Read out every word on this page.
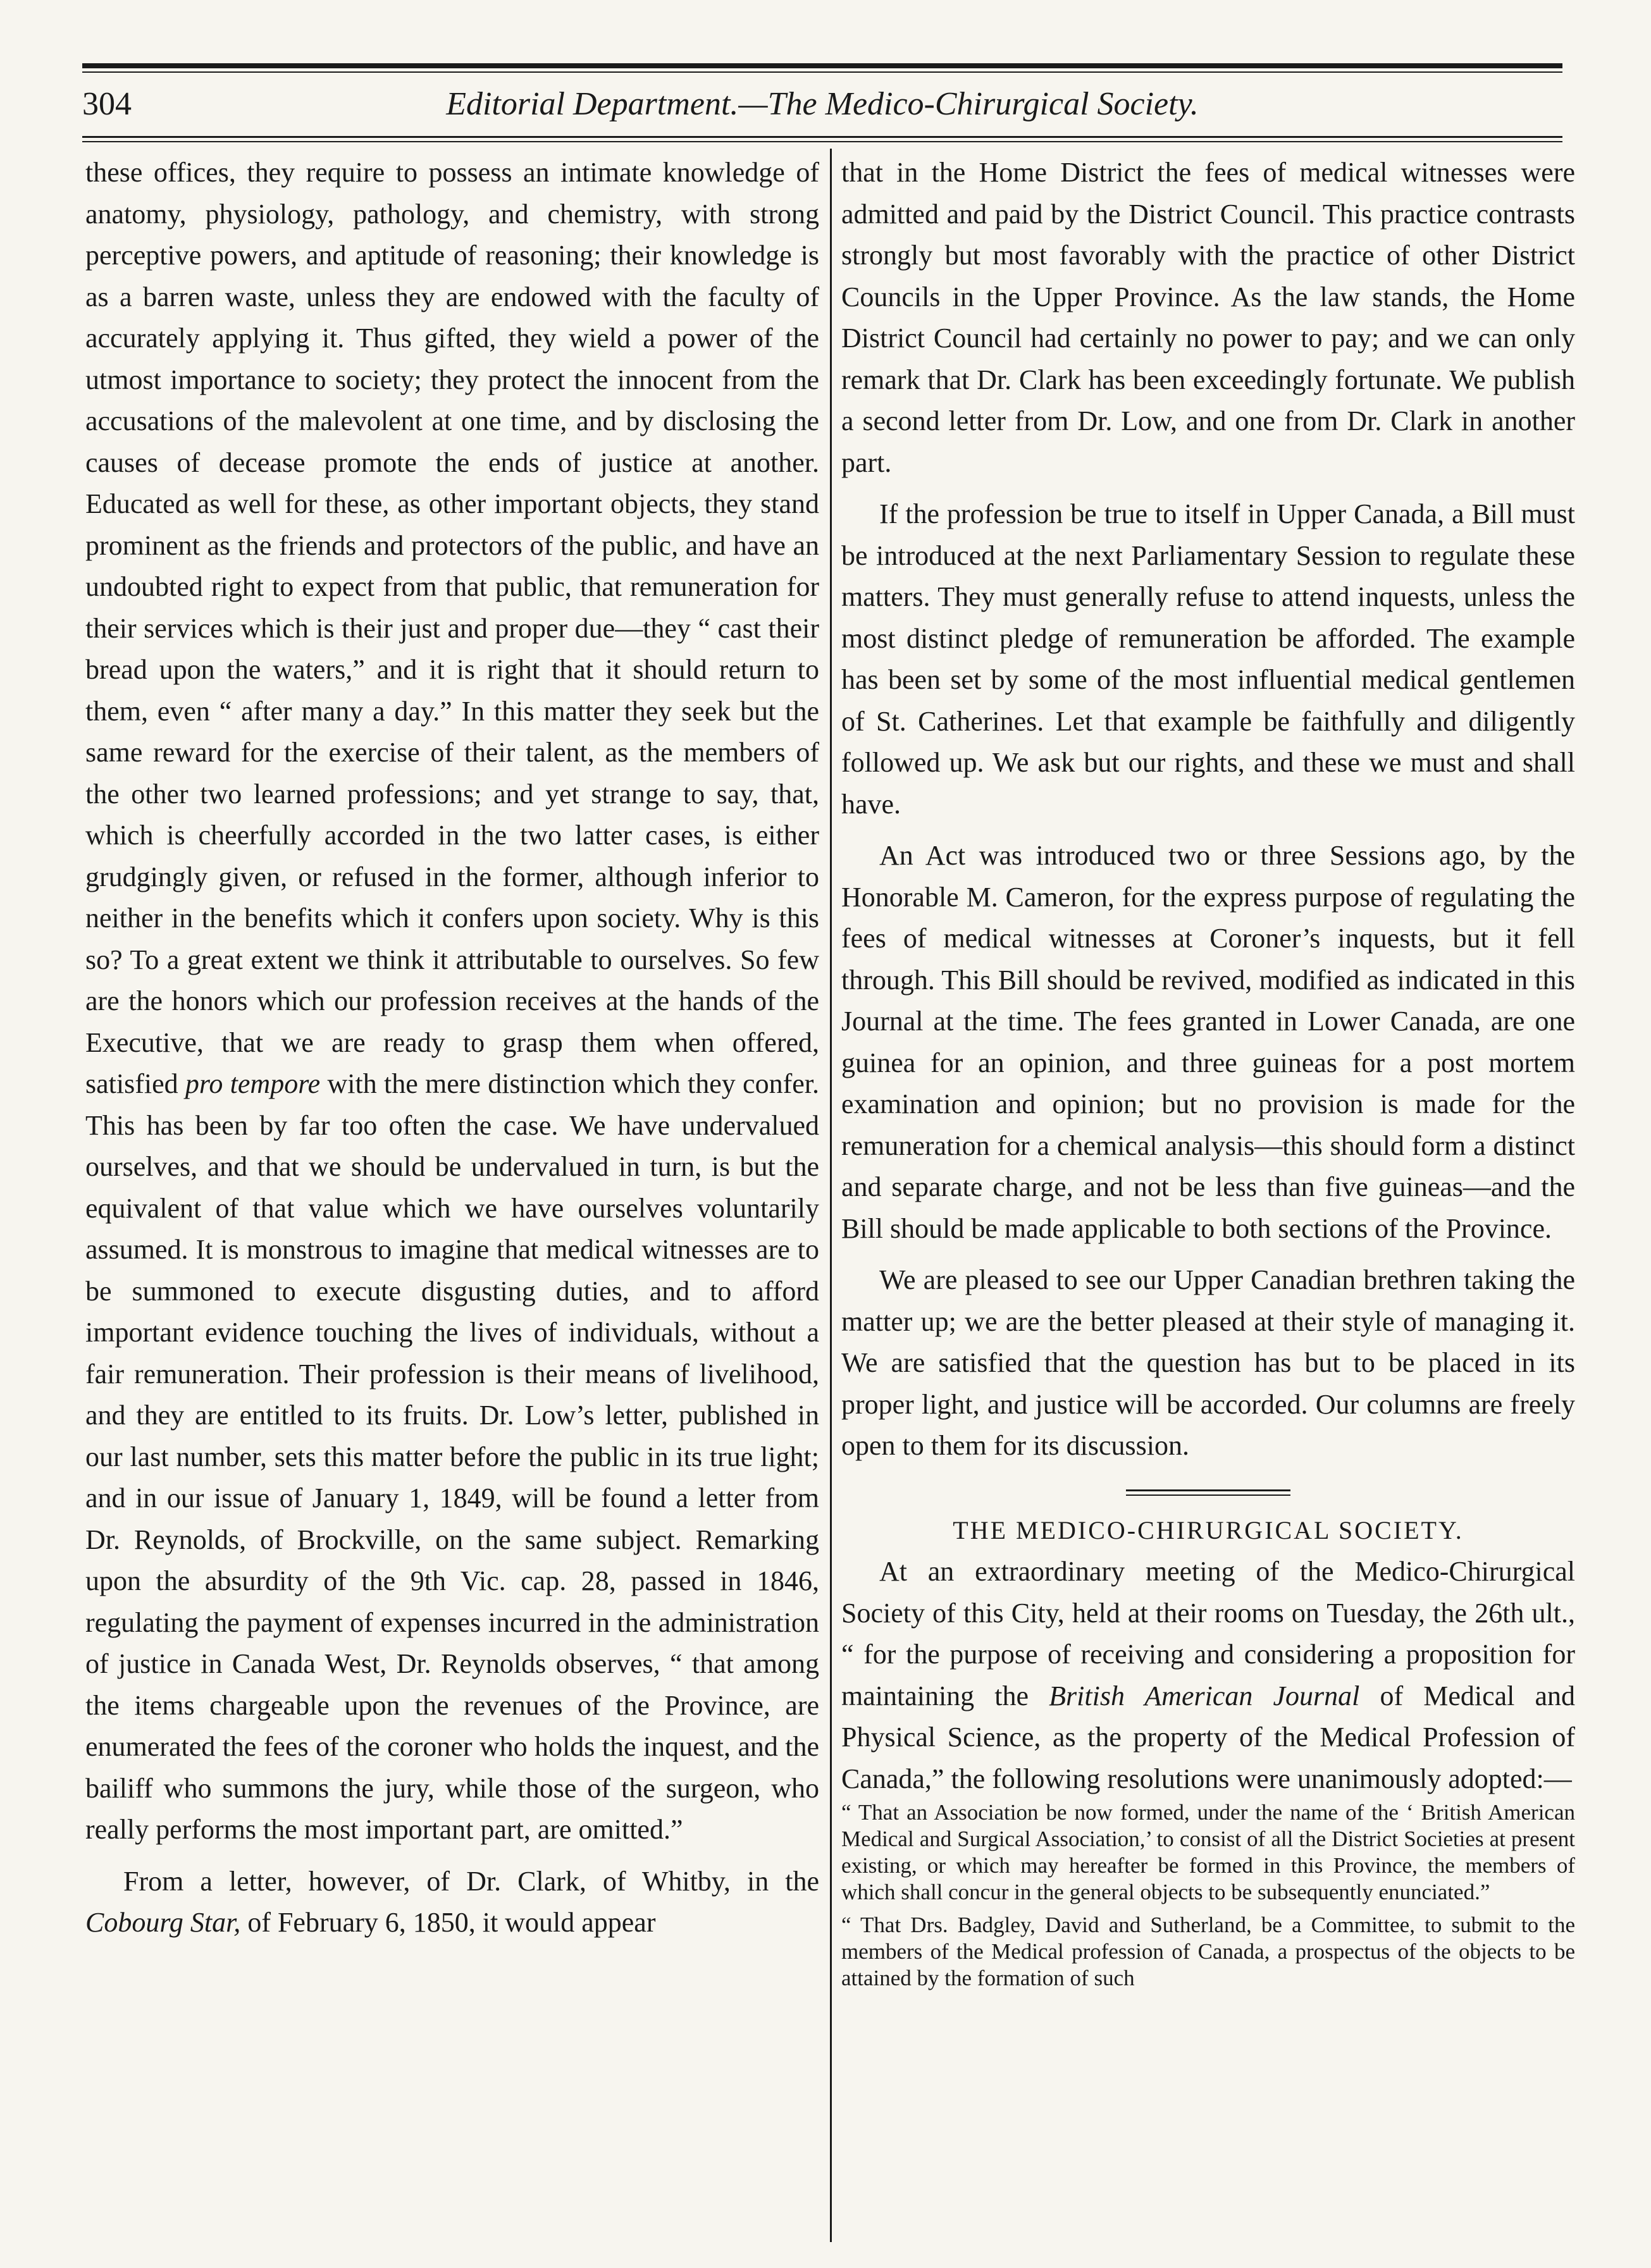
304	Editorial Department.—The Medico-Chirurgical Society.

these offices, they require to possess an intimate knowledge of anatomy, physiology, pathology, and chemistry, with strong perceptive powers, and aptitude of reasoning; their knowledge is as a barren waste, unless they are endowed with the faculty of accurately applying it. Thus gifted, they wield a power of the utmost importance to society; they protect the innocent from the accusations of the malevolent at one time, and by disclosing the causes of decease promote the ends of justice at another. Educated as well for these, as other important objects, they stand prominent as the friends and protectors of the public, and have an undoubted right to expect from that public, that remuneration for their services which is their just and proper due—they “ cast their bread upon the waters,” and it is right that it should return to them, even “ after many a day.” In this matter they seek but the same reward for the exercise of their talent, as the members of the other two learned professions; and yet strange to say, that, which is cheerfully accorded in the two latter cases, is either grudgingly given, or refused in the former, although inferior to neither in the benefits which it confers upon society. Why is this so? To a great extent we think it attributable to ourselves. So few are the honors which our profession receives at the hands of the Executive, that we are ready to grasp them when offered, satisfied pro tempore with the mere distinction which they confer. This has been by far too often the case. We have undervalued ourselves, and that we should be undervalued in turn, is but the equivalent of that value which we have ourselves voluntarily assumed. It is monstrous to imagine that medical witnesses are to be summoned to execute disgusting duties, and to afford important evidence touching the lives of individuals, without a fair remuneration. Their profession is their means of livelihood, and they are entitled to its fruits. Dr. Low’s letter, published in our last number, sets this matter before the public in its true light; and in our issue of January 1, 1849, will be found a letter from Dr. Reynolds, of Brockville, on the same subject. Remarking upon the absurdity of the 9th Vic. cap. 28, passed in 1846, regulating the payment of expenses incurred in the administration of justice in Canada West, Dr. Reynolds observes, “ that among the items chargeable upon the revenues of the Province, are enumerated the fees of the coroner who holds the inquest, and the bailiff who summons the jury, while those of the surgeon, who really performs the most important part, are omitted.”

From a letter, however, of Dr. Clark, of Whitby, in the Cobourg Star, of February 6, 1850, it would appear

that in the Home District the fees of medical witnesses were admitted and paid by the District Council. This practice contrasts strongly but most favorably with the practice of other District Councils in the Upper Province. As the law stands, the Home District Council had certainly no power to pay; and we can only remark that Dr. Clark has been exceedingly fortunate. We publish a second letter from Dr. Low, and one from Dr. Clark in another part.

If the profession be true to itself in Upper Canada, a Bill must be introduced at the next Parliamentary Session to regulate these matters. They must generally refuse to attend inquests, unless the most distinct pledge of remuneration be afforded. The example has been set by some of the most influential medical gentlemen of St. Catherines. Let that example be faithfully and diligently followed up. We ask but our rights, and these we must and shall have.

An Act was introduced two or three Sessions ago, by the Honorable M. Cameron, for the express purpose of regulating the fees of medical witnesses at Coroner’s inquests, but it fell through. This Bill should be revived, modified as indicated in this Journal at the time. The fees granted in Lower Canada, are one guinea for an opinion, and three guineas for a post mortem examination and opinion; but no provision is made for the remuneration for a chemical analysis—this should form a distinct and separate charge, and not be less than five guineas—and the Bill should be made applicable to both sections of the Province.

We are pleased to see our Upper Canadian brethren taking the matter up; we are the better pleased at their style of managing it. We are satisfied that the question has but to be placed in its proper light, and justice will be accorded. Our columns are freely open to them for its discussion.

THE MEDICO-CHIRURGICAL SOCIETY.

At an extraordinary meeting of the Medico-Chirurgical Society of this City, held at their rooms on Tuesday, the 26th ult., “ for the purpose of receiving and considering a proposition for maintaining the British American Journal of Medical and Physical Science, as the property of the Medical Profession of Canada,” the following resolutions were unanimously adopted:—

“ That an Association be now formed, under the name of the ‘ British American Medical and Surgical Association,’ to consist of all the District Societies at present existing, or which may hereafter be formed in this Province, the members of which shall concur in the general objects to be subsequently enunciated.”

“ That Drs. Badgley, David and Sutherland, be a Committee, to submit to the members of the Medical profession of Canada, a prospectus of the objects to be attained by the formation of such
